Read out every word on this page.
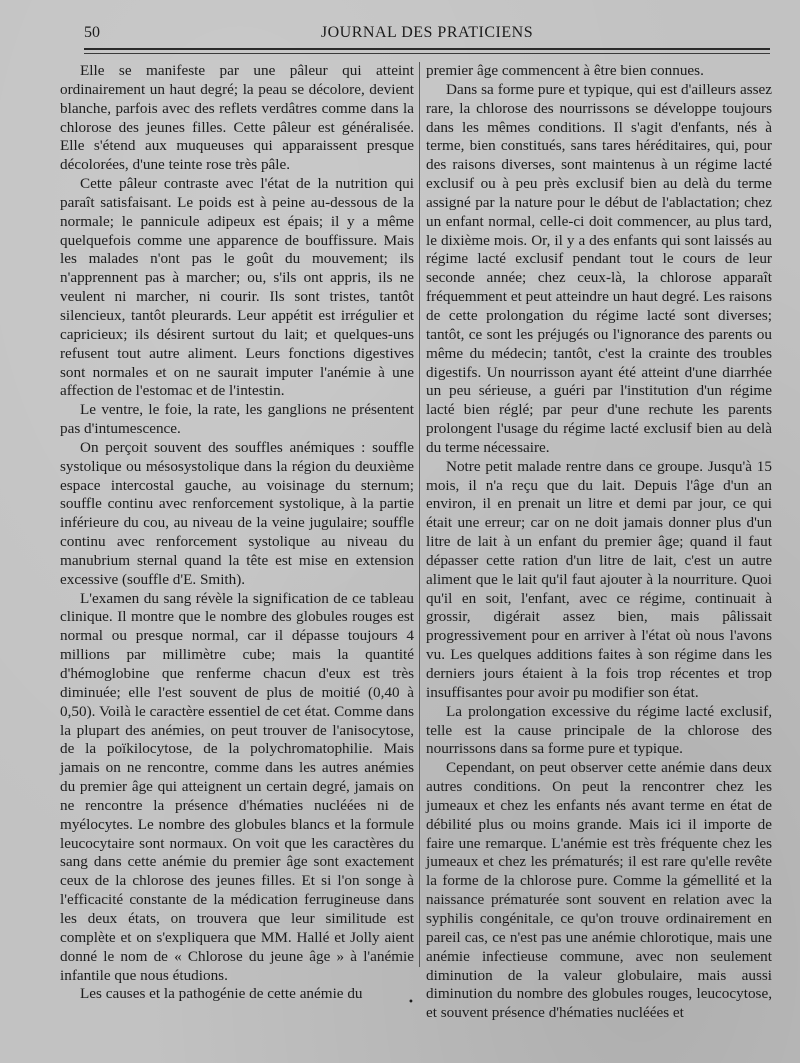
50	JOURNAL DES PRATICIENS

Elle se manifeste par une pâleur qui atteint ordinairement un haut degré; la peau se décolore, devient blanche, parfois avec des reflets verdâtres comme dans la chlorose des jeunes filles. Cette pâleur est généralisée. Elle s'étend aux muqueuses qui apparaissent presque décolorées, d'une teinte rose très pâle.

Cette pâleur contraste avec l'état de la nutrition qui paraît satisfaisant. Le poids est à peine au-dessous de la normale; le pannicule adipeux est épais; il y a même quelquefois comme une apparence de bouffissure. Mais les malades n'ont pas le goût du mouvement; ils n'apprennent pas à marcher; ou, s'ils ont appris, ils ne veulent ni marcher, ni courir. Ils sont tristes, tantôt silencieux, tantôt pleurards. Leur appétit est irrégulier et capricieux; ils désirent surtout du lait; et quelques-uns refusent tout autre aliment. Leurs fonctions digestives sont normales et on ne saurait imputer l'anémie à une affection de l'estomac et de l'intestin.

Le ventre, le foie, la rate, les ganglions ne présentent pas d'intumescence.

On perçoit souvent des souffles anémiques : souffle systolique ou mésosystolique dans la région du deuxième espace intercostal gauche, au voisinage du sternum; souffle continu avec renforcement systolique, à la partie inférieure du cou, au niveau de la veine jugulaire; souffle continu avec renforcement systolique au niveau du manubrium sternal quand la tête est mise en extension excessive (souffle d'E. Smith).

L'examen du sang révèle la signification de ce tableau clinique. Il montre que le nombre des globules rouges est normal ou presque normal, car il dépasse toujours 4 millions par millimètre cube; mais la quantité d'hémoglobine que renferme chacun d'eux est très diminuée; elle l'est souvent de plus de moitié (0,40 à 0,50). Voilà le caractère essentiel de cet état. Comme dans la plupart des anémies, on peut trouver de l'anisocytose, de la poïkilocytose, de la polychromatophilie. Mais jamais on ne rencontre, comme dans les autres anémies du premier âge qui atteignent un certain degré, jamais on ne rencontre la présence d'hématies nucléées ni de myélocytes. Le nombre des globules blancs et la formule leucocytaire sont normaux. On voit que les caractères du sang dans cette anémie du premier âge sont exactement ceux de la chlorose des jeunes filles. Et si l'on songe à l'efficacité constante de la médication ferrugineuse dans les deux états, on trouvera que leur similitude est complète et on s'expliquera que MM. Hallé et Jolly aient donné le nom de « Chlorose du jeune âge » à l'anémie infantile que nous étudions.

Les causes et la pathogénie de cette anémie du

premier âge commencent à être bien connues.

Dans sa forme pure et typique, qui est d'ailleurs assez rare, la chlorose des nourrissons se développe toujours dans les mêmes conditions. Il s'agit d'enfants, nés à terme, bien constitués, sans tares héréditaires, qui, pour des raisons diverses, sont maintenus à un régime lacté exclusif ou à peu près exclusif bien au delà du terme assigné par la nature pour le début de l'ablactation; chez un enfant normal, celle-ci doit commencer, au plus tard, le dixième mois. Or, il y a des enfants qui sont laissés au régime lacté exclusif pendant tout le cours de leur seconde année; chez ceux-là, la chlorose apparaît fréquemment et peut atteindre un haut degré. Les raisons de cette prolongation du régime lacté sont diverses; tantôt, ce sont les préjugés ou l'ignorance des parents ou même du médecin; tantôt, c'est la crainte des troubles digestifs. Un nourrisson ayant été atteint d'une diarrhée un peu sérieuse, a guéri par l'institution d'un régime lacté bien réglé; par peur d'une rechute les parents prolongent l'usage du régime lacté exclusif bien au delà du terme nécessaire.

Notre petit malade rentre dans ce groupe. Jusqu'à 15 mois, il n'a reçu que du lait. Depuis l'âge d'un an environ, il en prenait un litre et demi par jour, ce qui était une erreur; car on ne doit jamais donner plus d'un litre de lait à un enfant du premier âge; quand il faut dépasser cette ration d'un litre de lait, c'est un autre aliment que le lait qu'il faut ajouter à la nourriture. Quoi qu'il en soit, l'enfant, avec ce régime, continuait à grossir, digérait assez bien, mais pâlissait progressivement pour en arriver à l'état où nous l'avons vu. Les quelques additions faites à son régime dans les derniers jours étaient à la fois trop récentes et trop insuffisantes pour avoir pu modifier son état.

La prolongation excessive du régime lacté exclusif, telle est la cause principale de la chlorose des nourrissons dans sa forme pure et typique.

Cependant, on peut observer cette anémie dans deux autres conditions. On peut la rencontrer chez les jumeaux et chez les enfants nés avant terme en état de débilité plus ou moins grande. Mais ici il importe de faire une remarque. L'anémie est très fréquente chez les jumeaux et chez les prématurés; il est rare qu'elle revête la forme de la chlorose pure. Comme la gémellité et la naissance prématurée sont souvent en relation avec la syphilis congénitale, ce qu'on trouve ordinairement en pareil cas, ce n'est pas une anémie chlorotique, mais une anémie infectieuse commune, avec non seulement diminution de la valeur globulaire, mais aussi diminution du nombre des globules rouges, leucocytose, et souvent présence d'hématies nucléées et

•
